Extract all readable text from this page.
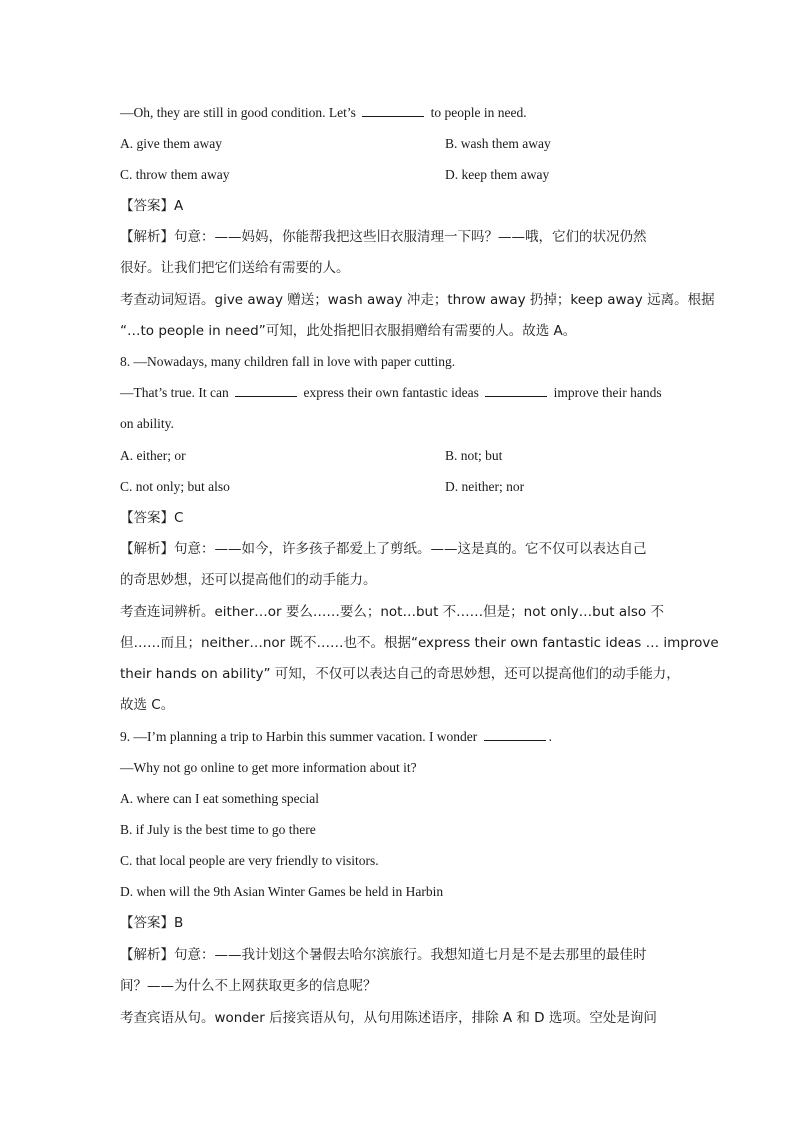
—Oh, they are still in good condition. Let’s	to people in need.
A. give them away	B. wash them away
C. throw them away	D. keep them away
【答案】A
【解析】句意：——妈妈，你能帮我把这些旧衣服清理一下吗？——哦，它们的状况仍然
很好。让我们把它们送给有需要的人。
考查动词短语。give away 赠送；wash away 冲走；throw away 扔掉；keep away 远离。根据
“…to people in need”可知，此处指把旧衣服捐赠给有需要的人。故选 A。
8. —Nowadays, many children fall in love with paper cutting.
—That’s true. It can	express their own fantastic ideas	improve their hands
on ability.
A. either; or	B. not; but
C. not only; but also	D. neither; nor
【答案】C
【解析】句意：——如今，许多孩子都爱上了剪纸。——这是真的。它不仅可以表达自己
的奇思妙想，还可以提高他们的动手能力。
考查连词辨析。either…or 要么……要么；not…but 不……但是；not only…but also 不
但……而且；neither…nor 既不……也不。根据“express their own fantastic ideas … improve
their hands on ability” 可知，不仅可以表达自己的奇思妙想，还可以提高他们的动手能力，
故选 C。
9. —I’m planning a trip to Harbin this summer vacation. I wonder	.
—Why not go online to get more information about it?
A. where can I eat something special
B. if July is the best time to go there
C. that local people are very friendly to visitors.
D. when will the 9th Asian Winter Games be held in Harbin
【答案】B
【解析】句意：——我计划这个暑假去哈尔滨旅行。我想知道七月是不是去那里的最佳时
间？——为什么不上网获取更多的信息呢？
考查宾语从句。wonder 后接宾语从句，从句用陈述语序，排除 A 和 D 选项。空处是询问
